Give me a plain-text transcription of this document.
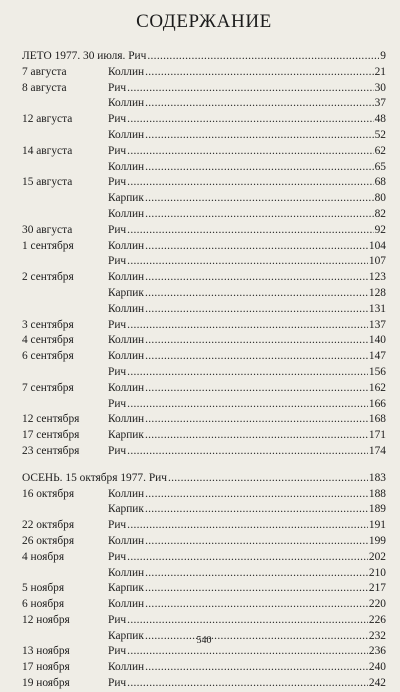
СОДЕРЖАНИЕ
ЛЕТО 1977. 30 июля. Рич .....	9
7 августа	Коллин .....	21
8 августа	Рич .....	30
Коллин .....	37
12 августа	Рич .....	48
Коллин .....	52
14 августа	Рич .....	62
Коллин .....	65
15 августа	Рич .....	68
Карпик .....	80
Коллин .....	82
30 августа	Рич .....	92
1 сентября	Коллин .....	104
Рич .....	107
2 сентября	Коллин .....	123
Карпик .....	128
Коллин .....	131
3 сентября	Рич .....	137
4 сентября	Коллин .....	140
6 сентября	Коллин .....	147
Рич .....	156
7 сентября	Коллин .....	162
Рич .....	166
12 сентября	Коллин .....	168
17 сентября	Карпик .....	171
23 сентября	Рич .....	174
ОСЕНЬ. 15 октября 1977. Рич .....	183
16 октября	Коллин .....	188
Карпик .....	189
22 октября	Рич .....	191
26 октября	Коллин .....	199
4 ноября	Рич .....	202
Коллин .....	210
5 ноября	Карпик .....	217
6 ноября	Коллин .....	220
12 ноября	Рич .....	226
Карпик .....	232
13 ноября	Рич .....	236
17 ноября	Коллин .....	240
19 ноября	Рич .....	242
540
